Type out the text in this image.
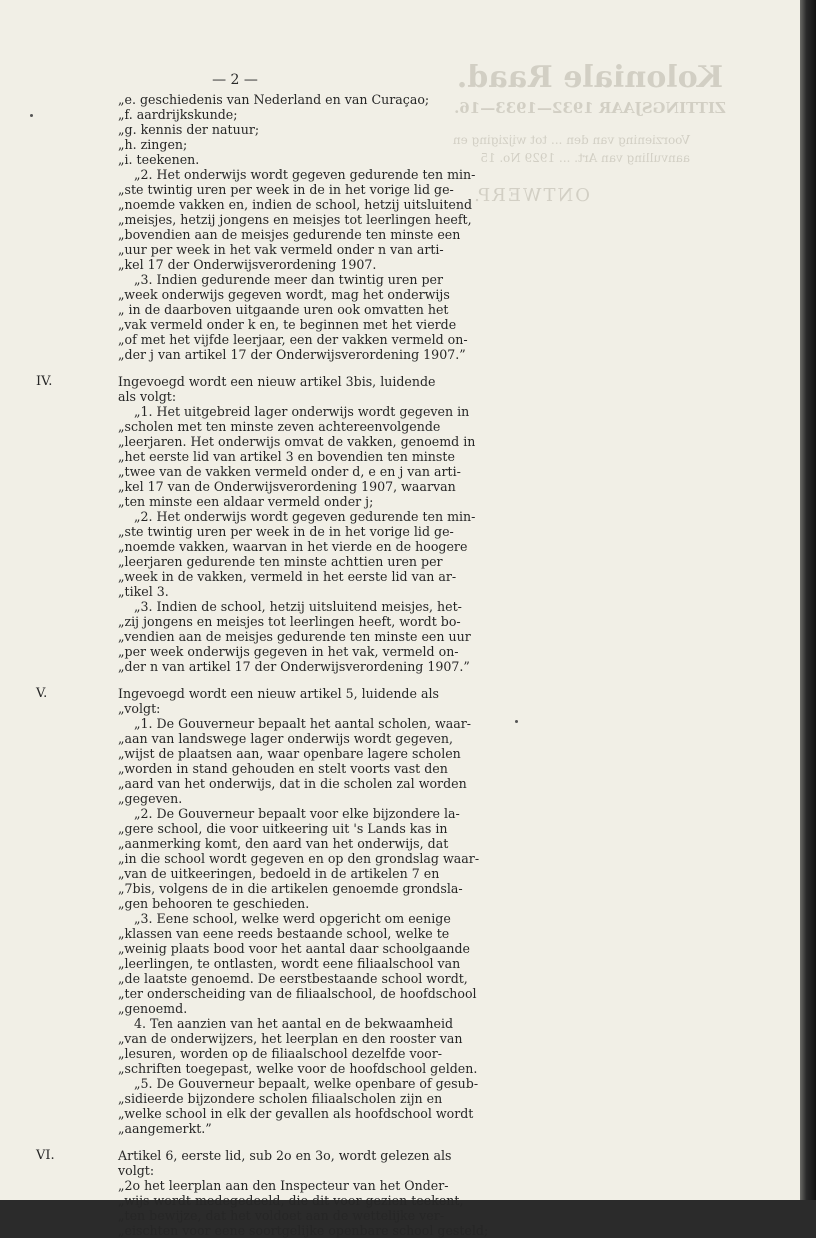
Koloniale Raad.
ZITTINGSJAAR 1932—1933—16.
Voorziening van den ... tot wijziging en aanvulling van Art. ... 1929 No. 15
ONTWERP.
— 2 —
„e. geschiedenis van Nederland en van Curaçao;
„f. aardrijkskunde;
„g. kennis der natuur;
„h. zingen;
„i. teekenen.
„2. Het onderwijs wordt gegeven gedurende ten min-
„ste twintig uren per week in de in het vorige lid ge-
„noemde vakken en, indien de school, hetzij uitsluitend
„meisjes, hetzij jongens en meisjes tot leerlingen heeft,
„bovendien aan de meisjes gedurende ten minste een
„uur per week in het vak vermeld onder n van arti-
„kel 17 der Onderwijsverordening 1907.
„3. Indien gedurende meer dan twintig uren per
„week onderwijs gegeven wordt, mag het onderwijs
„ in de daarboven uitgaande uren ook omvatten het
„vak vermeld onder k en, te beginnen met het vierde
„of met het vijfde leerjaar, een der vakken vermeld on-
„der j van artikel 17 der Onderwijsverordening 1907.”
IV.	Ingevoegd wordt een nieuw artikel 3bis, luidende
als volgt:
„1. Het uitgebreid lager onderwijs wordt gegeven in
„scholen met ten minste zeven achtereenvolgende
„leerjaren. Het onderwijs omvat de vakken, genoemd in
„het eerste lid van artikel 3 en bovendien ten minste
„twee van de vakken vermeld onder d, e en j van arti-
„kel 17 van de Onderwijsverordening 1907, waarvan
„ten minste een aldaar vermeld onder j;
„2. Het onderwijs wordt gegeven gedurende ten min-
„ste twintig uren per week in de in het vorige lid ge-
„noemde vakken, waarvan in het vierde en de hoogere
„leerjaren gedurende ten minste achttien uren per
„week in de vakken, vermeld in het eerste lid van ar-
„tikel 3.
„3. Indien de school, hetzij uitsluitend meisjes, het-
„zij jongens en meisjes tot leerlingen heeft, wordt bo-
„vendien aan de meisjes gedurende ten minste een uur
„per week onderwijs gegeven in het vak, vermeld on-
„der n van artikel 17 der Onderwijsverordening 1907.”
V.	Ingevoegd wordt een nieuw artikel 5, luidende als
„volgt:
„1. De Gouverneur bepaalt het aantal scholen, waar-
„aan van landswege lager onderwijs wordt gegeven,
„wijst de plaatsen aan, waar openbare lagere scholen
„worden in stand gehouden en stelt voorts vast den
„aard van het onderwijs, dat in die scholen zal worden
„gegeven.
„2. De Gouverneur bepaalt voor elke bijzondere la-
„gere school, die voor uitkeering uit 's Lands kas in
„aanmerking komt, den aard van het onderwijs, dat
„in die school wordt gegeven en op den grondslag waar-
„van de uitkeeringen, bedoeld in de artikelen 7 en
„7bis, volgens de in die artikelen genoemde grondsla-
„gen behooren te geschieden.
„3. Eene school, welke werd opgericht om eenige
„klassen van eene reeds bestaande school, welke te
„weinig plaats bood voor het aantal daar schoolgaande
„leerlingen, te ontlasten, wordt eene filiaalschool van
„de laatste genoemd. De eerstbestaande school wordt,
„ter onderscheiding van de filiaalschool, de hoofdschool
„genoemd.
4. Ten aanzien van het aantal en de bekwaamheid
„van de onderwijzers, het leerplan en den rooster van
„lesuren, worden op de filiaalschool dezelfde voor-
„schriften toegepast, welke voor de hoofdschool gelden.
„5. De Gouverneur bepaalt, welke openbare of gesub-
„sidieerde bijzondere scholen filiaalscholen zijn en
„welke school in elk der gevallen als hoofdschool wordt
„aangemerkt.”
VI.	Artikel 6, eerste lid, sub 2o en 3o, wordt gelezen als
volgt:
„2o het leerplan aan den Inspecteur van het Onder-
„wijs wordt medegedeeld, die dit voor gezien teekent,
„ten bewijze, dat het voldoet aan de wettelijke ver-
„eischten voor eene soortgelijke openbare school gesteld;
